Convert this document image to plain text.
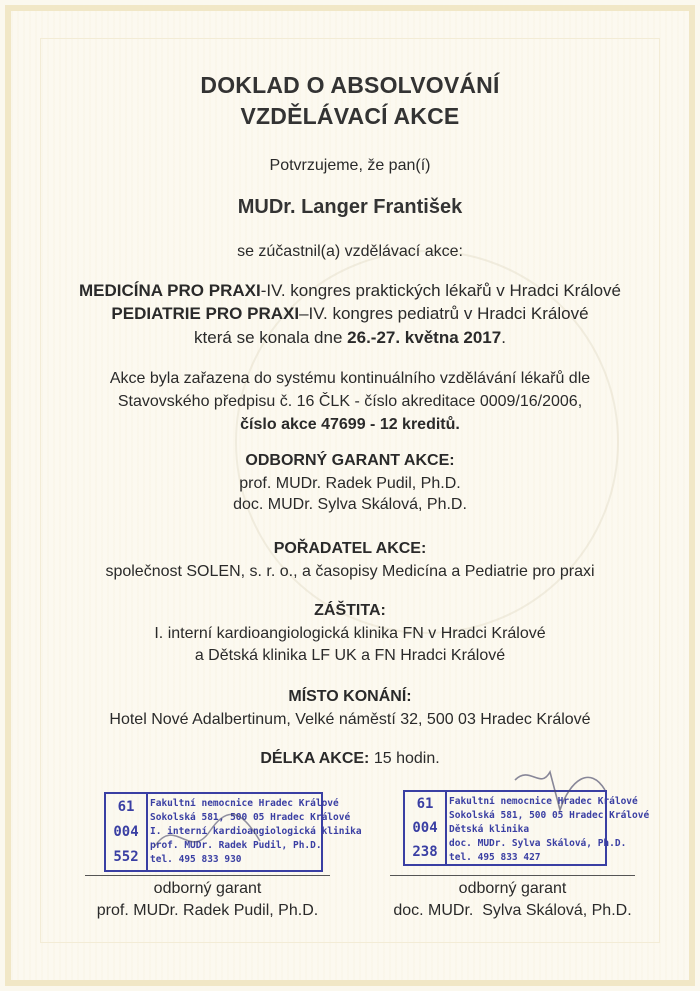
DOKLAD O ABSOLVOVÁNÍ
VZDĚLÁVACÍ AKCE
Potvrzujeme, že pan(í)
MUDr. Langer František
se zúčastnil(a) vzdělávací akce:
MEDICÍNA PRO PRAXI-IV. kongres praktických lékařů v Hradci Králové
PEDIATRIE PRO PRAXI–IV. kongres pediatrů v Hradci Králové
která se konala dne 26.-27. května 2017.
Akce byla zařazena do systému kontinuálního vzdělávání lékařů dle
Stavovského předpisu č. 16 ČLK - číslo akreditace 0009/16/2006,
číslo akce 47699 - 12 kreditů.
ODBORNÝ GARANT AKCE:
prof. MUDr. Radek Pudil, Ph.D.
doc. MUDr. Sylva Skálová, Ph.D.
POŘADATEL AKCE:
společnost SOLEN, s. r. o., a časopisy Medicína a Pediatrie pro praxi
ZÁŠTITA:
I. interní kardioangiologická klinika FN v Hradci Králové
a Dětská klinika LF UK a FN Hradci Králové
MÍSTO KONÁNÍ:
Hotel Nové Adalbertinum, Velké náměstí 32, 500 03 Hradec Králové
DÉLKA AKCE: 15 hodin.
61
004
552
Fakultní nemocnice Hradec Králové
Sokolská 581, 500 05 Hradec Králové
I. interní kardioangiologická klinika
prof. MUDr. Radek Pudil, Ph.D.
tel. 495 833 930
61
004
238
Fakultní nemocnice Hradec Králové
Sokolská 581, 500 05 Hradec Králové
Dětská klinika
doc. MUDr. Sylva Skálová, Ph.D.
tel. 495 833 427
odborný garant
prof. MUDr. Radek Pudil, Ph.D.
odborný garant
doc. MUDr.  Sylva Skálová, Ph.D.
